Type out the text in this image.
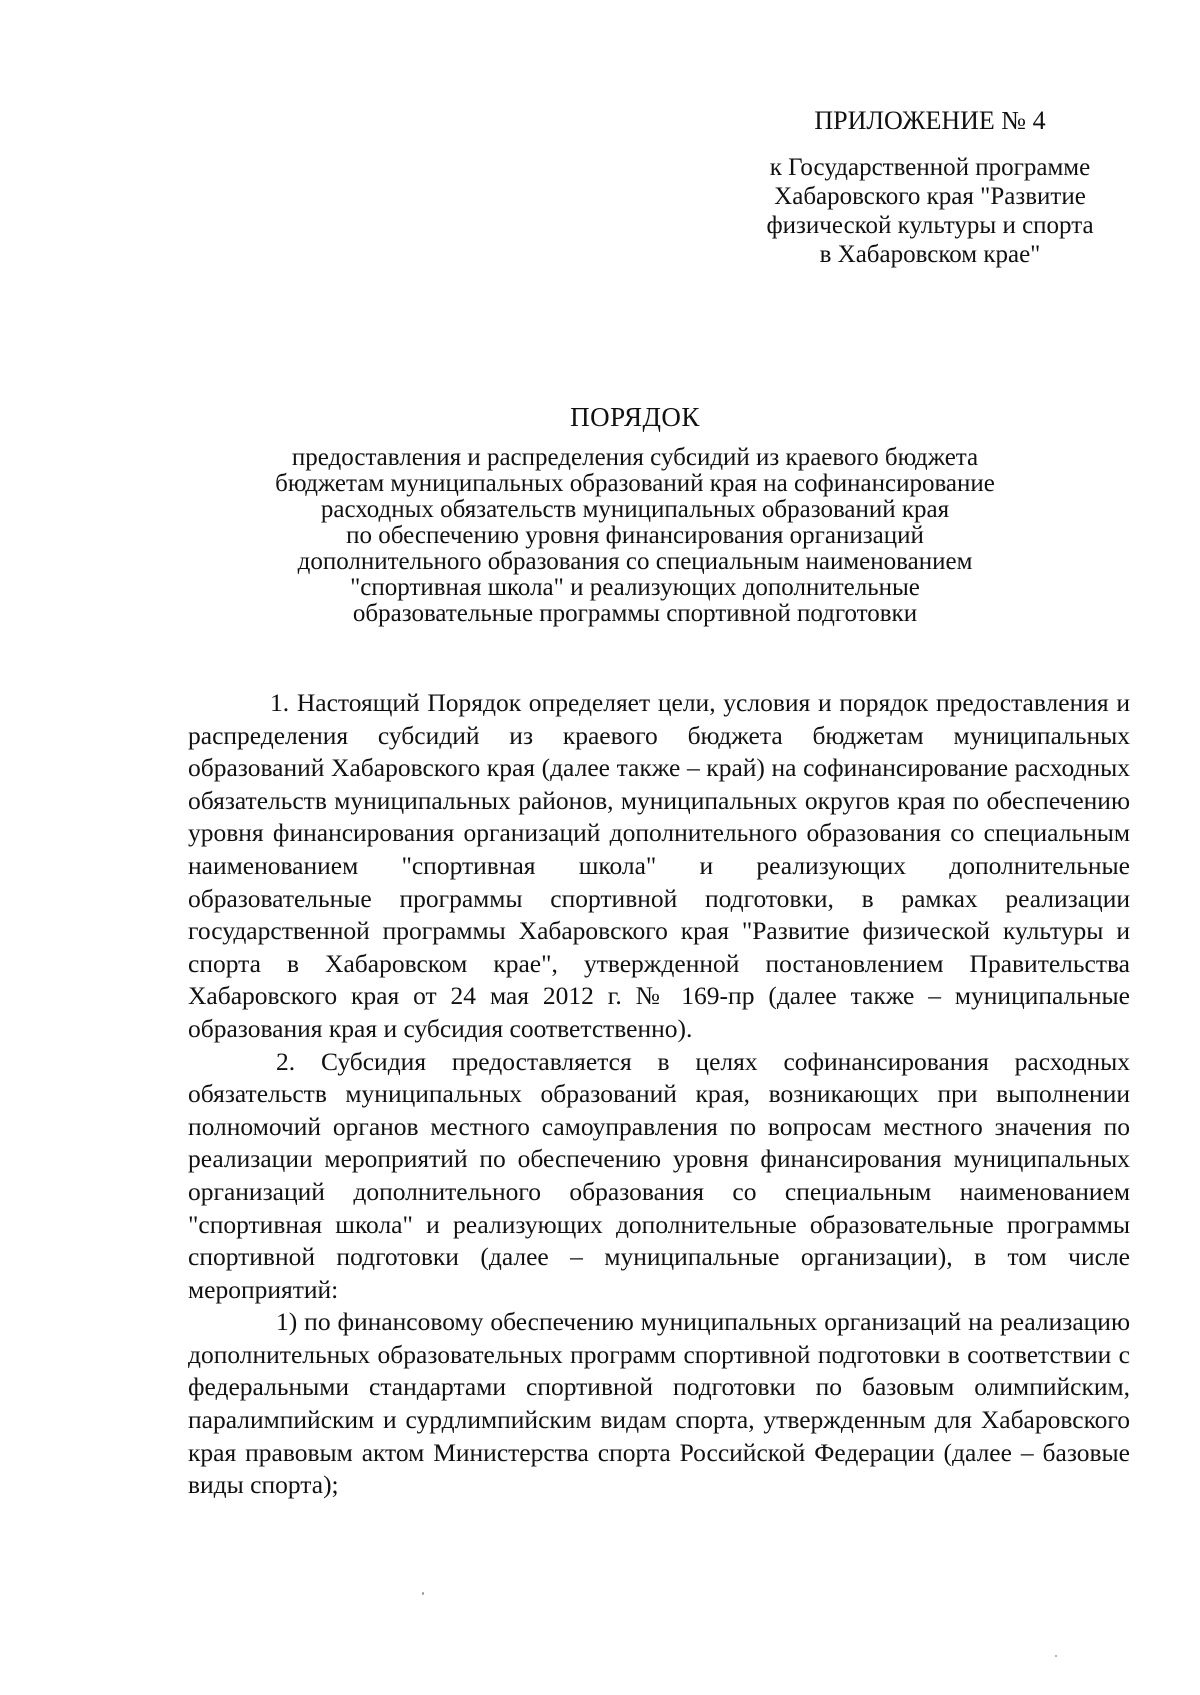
ПРИЛОЖЕНИЕ № 4
к Государственной программе
Хабаровского края "Развитие
физической культуры и спорта
в Хабаровском крае"
ПОРЯДОК
предоставления и распределения субсидий из краевого бюджета
бюджетам муниципальных образований края на софинансирование
расходных обязательств муниципальных образований края
по обеспечению уровня финансирования организаций
дополнительного образования со специальным наименованием
"спортивная школа" и реализующих дополнительные
образовательные программы спортивной подготовки

1. Настоящий Порядок определяет цели, условия и порядок предоставления и распределения субсидий из краевого бюджета бюджетам муниципальных образований Хабаровского края (далее также – край) на софинансирование расходных обязательств муниципальных районов, муниципальных округов края по обеспечению уровня финансирования организаций дополнительного образования со специальным наименованием "спортивная школа" и реализующих дополнительные образовательные программы спортивной подготовки, в рамках реализации государственной программы Хабаровского края "Развитие физической культуры и спорта в Хабаровском крае", утвержденной постановлением Правительства Хабаровского края от 24 мая 2012 г. № 169-пр (далее также – муниципальные образования края и субсидия соответственно).

2. Субсидия предоставляется в целях софинансирования расходных обязательств муниципальных образований края, возникающих при выполнении полномочий органов местного самоуправления по вопросам местного значения по реализации мероприятий по обеспечению уровня финансирования муниципальных организаций дополнительного образования со специальным наименованием "спортивная школа" и реализующих дополнительные образовательные программы спортивной подготовки (далее – муниципальные организации), в том числе мероприятий:

1) по финансовому обеспечению муниципальных организаций на реализацию дополнительных образовательных программ спортивной подготовки в соответствии с федеральными стандартами спортивной подготовки по базовым олимпийским, паралимпийским и сурдлимпийским видам спорта, утвержденным для Хабаровского края правовым актом Министерства спорта Российской Федерации (далее – базовые виды спорта);
